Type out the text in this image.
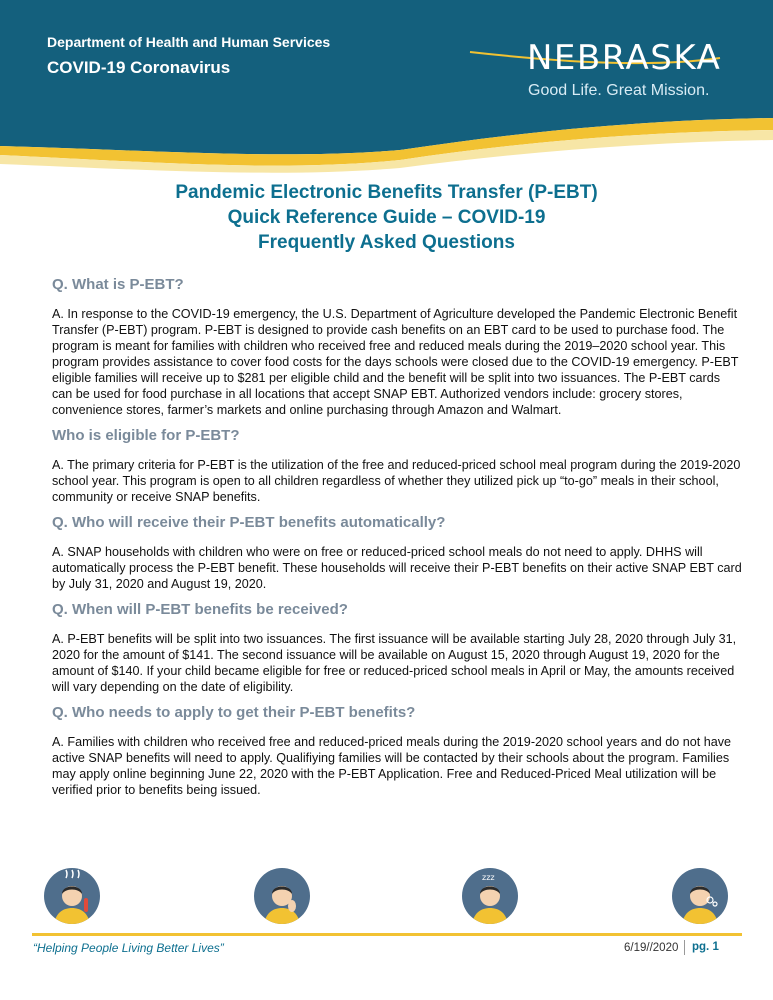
Department of Health and Human Services
COVID-19 Coronavirus	NEBRASKA
Good Life. Great Mission.
Pandemic Electronic Benefits Transfer (P-EBT)
Quick Reference Guide – COVID-19
Frequently Asked Questions
Q. What is P-EBT?
A. In response to the COVID-19 emergency, the U.S. Department of Agriculture developed the Pandemic Electronic Benefit Transfer (P-EBT) program. P-EBT is designed to provide cash benefits on an EBT card to be used to purchase food. The program is meant for families with children who received free and reduced meals during the 2019–2020 school year. This program provides assistance to cover food costs for the days schools were closed due to the COVID-19 emergency. P-EBT eligible families will receive up to $281 per eligible child and the benefit will be split into two issuances. The P-EBT cards can be used for food purchase in all locations that accept SNAP EBT. Authorized vendors include: grocery stores, convenience stores, farmer’s markets and online purchasing through Amazon and Walmart.
Who is eligible for P-EBT?
A. The primary criteria for P-EBT is the utilization of the free and reduced-priced school meal program during the 2019-2020 school year. This program is open to all children regardless of whether they utilized pick up “to-go” meals in their school, community or receive SNAP benefits.
Q. Who will receive their P-EBT benefits automatically?
A. SNAP households with children who were on free or reduced-priced school meals do not need to apply. DHHS will automatically process the P-EBT benefit. These households will receive their P-EBT benefits on their active SNAP EBT card by July 31, 2020 and August 19, 2020.
Q. When will P-EBT benefits be received?
A. P-EBT benefits will be split into two issuances. The first issuance will be available starting July 28, 2020 through July 31, 2020 for the amount of $141. The second issuance will be available on August 15, 2020 through August 19, 2020 for the amount of $140. If your child became eligible for free or reduced-priced school meals in April or May, the amounts received will vary depending on the date of eligibility.
Q. Who needs to apply to get their P-EBT benefits?
A. Families with children who received free and reduced-priced meals during the 2019-2020 school years and do not have active SNAP benefits will need to apply. Qualifiying families will be contacted by their schools about the program. Families may apply online beginning June 22, 2020 with the P-EBT Application. Free and Reduced-Priced Meal utilization will be verified prior to benefits being issued.
zzz
“Helping People Living Better Lives”	6/19//2020 pg. 1
